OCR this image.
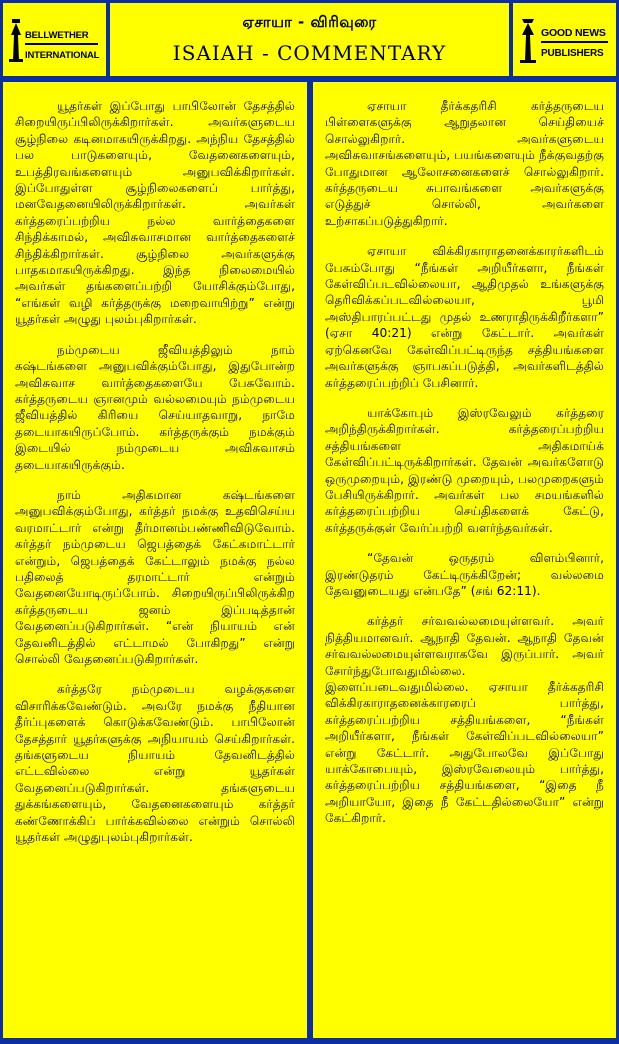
BELLWETHER
INTERNATIONAL
ஏசாயா - விரிவுரை
ISAIAH - COMMENTARY
GOOD NEWS
PUBLISHERS

யூதர்கள் இப்போது பாபிலோன் தேசத்தில் சிறையிருப்பிலிருக்கிறார்கள். அவர்களுடைய சூழ்நிலை கடினமாகயிருக்கிறது. அந்நிய தேசத்தில் பல பாடுகளையும், வேதனைகளையும், உபத்திரவங்களையும் அனுபவிக்கிறார்கள். இப்போதுள்ள சூழ்நிலைகளைப் பார்த்து, மனவேதனையிலிருக்கிறார்கள். அவர்கள் கர்த்தரைப்பற்றிய நல்ல வார்த்தைகளை சிந்திக்காமல், அவிசுவாசமான வார்த்தைகளைச் சிந்திக்கிறார்கள். சூழ்நிலை அவர்களுக்கு பாதகமாகயிருக்கிறது. இந்த நிலைமையில் அவர்கள் தங்களைப்பற்றி யோசிக்கும்போது, “எங்கள் வழி கர்த்தருக்கு மறைவாயிற்று” என்று யூதர்கள் அழுது புலம்புகிறார்கள்.

நம்முடைய ஜீவியத்திலும் நாம் கஷ்டங்களை அனுபவிக்கும்போது, இதுபோன்ற அவிசுவாச வார்த்தைகளையே பேசுவோம். கர்த்தருடைய ஞானமும் வல்லமையும் நம்முடைய ஜீவியத்தில் கிரியை செய்யாதவாறு, நாமே தடையாகயிருப்போம். கர்த்தருக்கும் நமக்கும் இடையில் நம்முடைய அவிசுவாசம் தடையாகயிருக்கும்.

நாம் அதிகமான கஷ்டங்களை அனுபவிக்கும்போது, கர்த்தர் நமக்கு உதவிசெய்ய வரமாட்டார் என்று தீர்மானம்பண்ணிவிடுவோம். கர்த்தர் நம்முடைய ஜெபத்தைக் கேட்கமாட்டார் என்றும், ஜெபத்தைக் கேட்டாலும் நமக்கு நல்ல பதிலைத் தரமாட்டார் என்றும் வேதனையோடிருப்போம். சிறையிருப்பிலிருக்கிற கர்த்தருடைய ஜனம் இப்படித்தான் வேதனைப்படுகிறார்கள். “என் நியாயம் என் தேவனிடத்தில் எட்டாமல் போகிறது” என்று சொல்லி வேதனைப்படுகிறார்கள்.

கர்த்தரே நம்முடைய வழக்குகளை விசாரிக்கவேண்டும். அவரே நமக்கு நீதியான தீர்ப்புகளைக் கொடுக்கவேண்டும். பாபிலோன் தேசத்தார் யூதர்களுக்கு அநியாயம் செய்கிறார்கள். தங்களுடைய நியாயம் தேவனிடத்தில் எட்டவில்லை என்று யூதர்கள் வேதனைப்படுகிறார்கள். தங்களுடைய துக்கங்களையும், வேதனைகளையும் கர்த்தர் கண்ணோக்கிப் பார்க்கவில்லை என்றும் சொல்லி யூதர்கள் அழுதுபுலம்புகிறார்கள்.

ஏசாயா தீர்க்கதரிசி கர்த்தருடைய பிள்ளைகளுக்கு ஆறுதலான செய்தியைச் சொல்லுகிறார். அவர்களுடைய அவிசுவாசங்களையும், பயங்களையும் நீக்குவதற்கு போதுமான ஆலோசனைகளைச் சொல்லுகிறார். கர்த்தருடைய சுபாவங்களை அவர்களுக்கு எடுத்துச் சொல்லி, அவர்களை உற்சாகப்படுத்துகிறார்.

ஏசாயா விக்கிரகாராதனைக்காரர்களிடம் பேசும்போது “நீங்கள் அறியீர்களா, நீங்கள் கேள்விப்படவில்லையா, ஆதிமுதல் உங்களுக்கு தெரிவிக்கப்படவில்லையா, பூமி அஸ்திபாரப்பட்டது முதல் உணராதிருக்கிறீர்களா” (ஏசா 40:21) என்று கேட்டார். அவர்கள் ஏற்கெனவே கேள்விப்பட்டிருந்த சத்தியங்களை அவர்களுக்கு ஞாபகப்படுத்தி, அவர்களிடத்தில் கர்த்தரைப்பற்றிப் பேசினார்.

யாக்கோபும் இஸ்ரவேலும் கர்த்தரை அறிந்திருக்கிறார்கள். கர்த்தரைப்பற்றிய சத்தியங்களை அதிகமாய்க் கேள்விப்பட்டிருக்கிறார்கள். தேவன் அவர்களோடு ஒருமுறையும், இரண்டு முறையும், பலமுறைகளும் பேசியிருக்கிறார். அவர்கள் பல சமயங்களில் கர்த்தரைப்பற்றிய செய்திகளைக் கேட்டு, கர்த்தருக்குள் வேர்ப்பற்றி வளர்ந்தவர்கள்.

“தேவன் ஒருதரம் விளம்பினார், இரண்டுதரம் கேட்டிருக்கிறேன்; வல்லமை தேவனுடையது என்பதே” (சங் 62:11).

கர்த்தர் சர்வவல்லமையுள்ளவர். அவர் நித்தியமானவர். ஆநாதி தேவன். ஆநாதி தேவன் சர்வவல்லமையுள்ளவராகவே இருப்பார். அவர் சோர்ந்துபோவதுமில்லை. இளைப்படைவதுமில்லை. ஏசாயா தீர்க்கதரிசி விக்கிரகாராதனைக்காரரைப் பார்த்து, கர்த்தரைப்பற்றிய சத்தியங்களை, “நீங்கள் அறியீர்களா, நீங்கள் கேள்விப்படவில்லையா” என்று கேட்டார். அதுபோலவே இப்போது யாக்கோபையும், இஸ்ரவேலையும் பார்த்து, கர்த்தரைப்பற்றிய சத்தியங்களை, “இதை நீ அறியாயோ, இதை நீ கேட்டதில்லையோ” என்று கேட்கிறார்.
